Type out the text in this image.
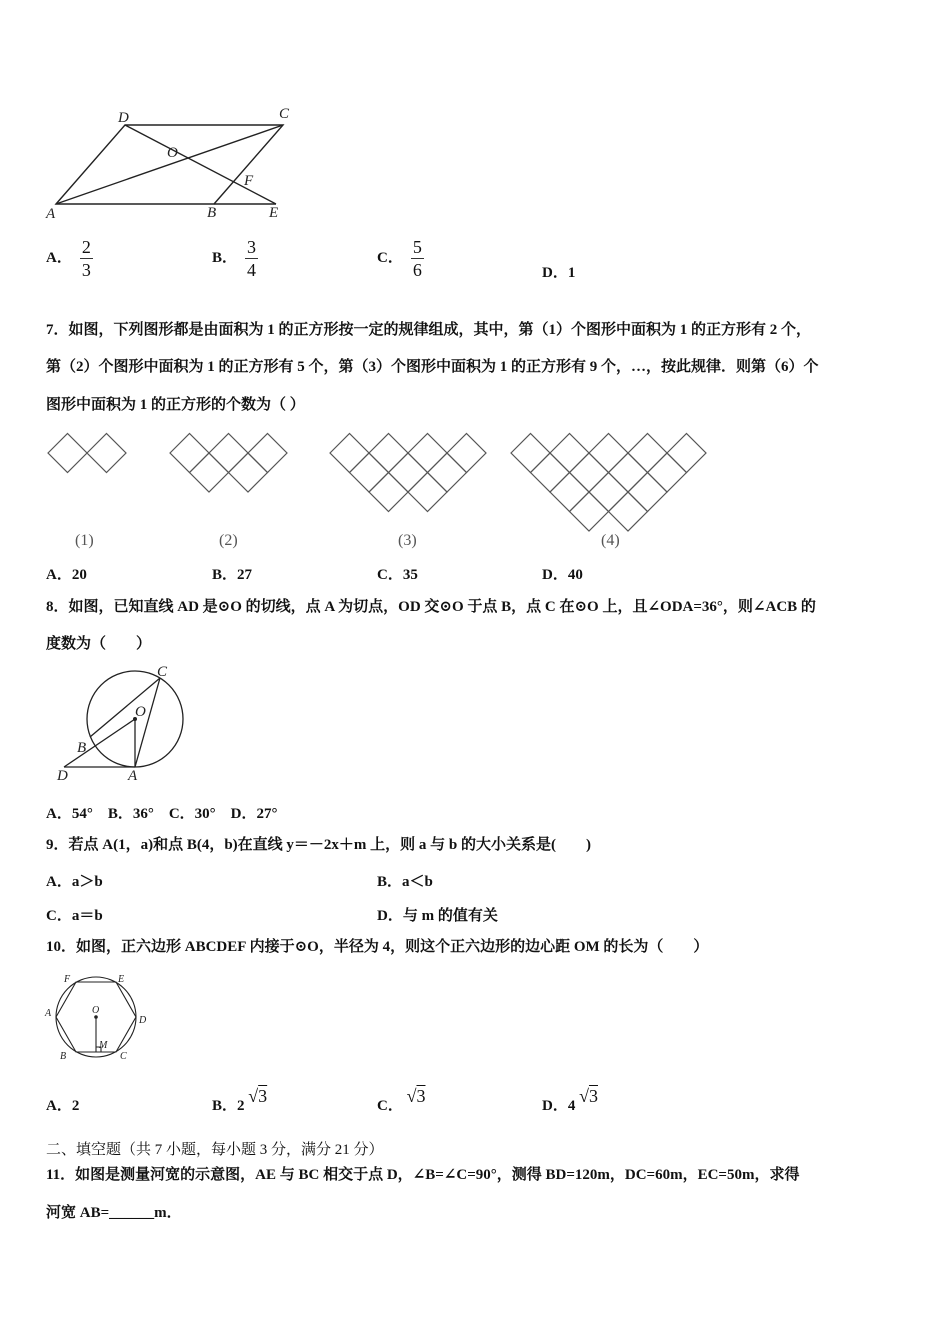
D	C
O
F
A	B	E
A． $\frac{2}{3}$	B． $\frac{3}{4}$	C． $\frac{5}{6}$	D．1
7．如图，下列图形都是由面积为 1 的正方形按一定的规律组成，其中，第（1）个图形中面积为 1 的正方形有 2 个，
第（2）个图形中面积为 1 的正方形有 5 个，第（3）个图形中面积为 1 的正方形有 9 个，…，按此规律．则第（6）个
图形中面积为 1 的正方形的个数为（ ）
(1)	(2)	(3)	(4)
A．20	B．27	C．35	D．40
8．如图，已知直线 AD 是⊙O 的切线，点 A 为切点，OD 交⊙O 于点 B，点 C 在⊙O 上，且∠ODA=36°，则∠ACB 的
度数为（　　）
C
O
B
D	A
A．54°　B．36°　C．30°　D．27°
9．若点 A(1，a)和点 B(4，b)在直线 y＝－2x＋m 上，则 a 与 b 的大小关系是(　　)
A．a＞b	B．a＜b
C．a＝b	D．与 m 的值有关
10．如图，正六边形 ABCDEF 内接于⊙O，半径为 4，则这个正六边形的边心距 OM 的长为（　　）
F	E
A
D
O
B	C
M
A．2	B．2 √3	C． √3	D．4 √3
二、填空题（共 7 小题，每小题 3 分，满分 21 分）
11．如图是测量河宽的示意图，AE 与 BC 相交于点 D，∠B=∠C=90°，测得 BD=120m，DC=60m，EC=50m，求得
河宽 AB=______m．
